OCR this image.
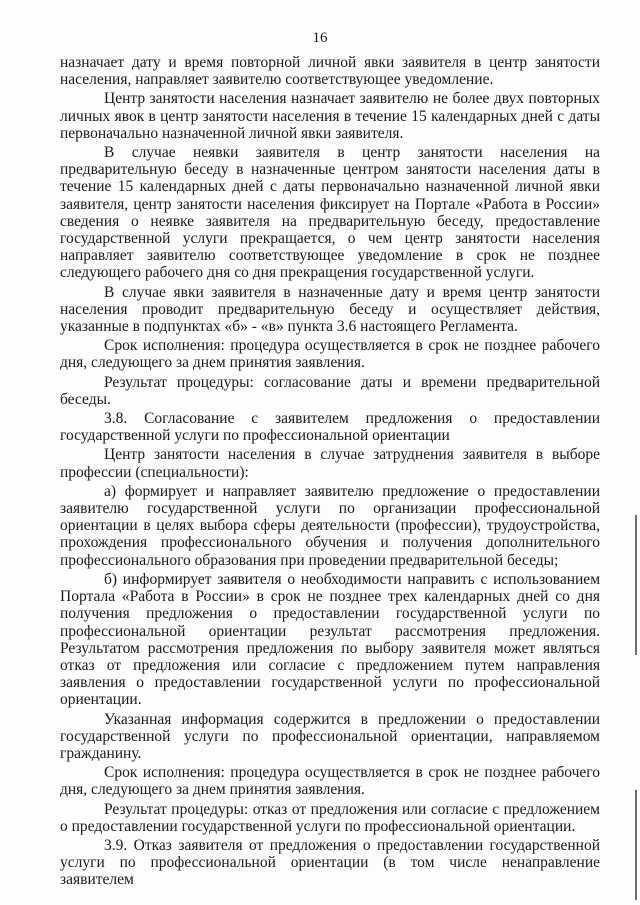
16

назначает дату и время повторной личной явки заявителя в центр занятости населения, направляет заявителю соответствующее уведомление.

Центр занятости населения назначает заявителю не более двух повторных личных явок в центр занятости населения в течение 15 календарных дней с даты первоначально назначенной личной явки заявителя.

В случае неявки заявителя в центр занятости населения на предварительную беседу в назначенные центром занятости населения даты в течение 15 календарных дней с даты первоначально назначенной личной явки заявителя, центр занятости населения фиксирует на Портале «Работа в России» сведения о неявке заявителя на предварительную беседу, предоставление государственной услуги прекращается, о чем центр занятости населения направляет заявителю соответствующее уведомление в срок не позднее следующего рабочего дня со дня прекращения государственной услуги.

В случае явки заявителя в назначенные дату и время центр занятости населения проводит предварительную беседу и осуществляет действия, указанные в подпунктах «б» - «в» пункта 3.6 настоящего Регламента.

Срок исполнения: процедура осуществляется в срок не позднее рабочего дня, следующего за днем принятия заявления.

Результат процедуры: согласование даты и времени предварительной беседы.

3.8. Согласование с заявителем предложения о предоставлении государственной услуги по профессиональной ориентации

Центр занятости населения в случае затруднения заявителя в выборе профессии (специальности):

а) формирует и направляет заявителю предложение о предоставлении заявителю государственной услуги по организации профессиональной ориентации в целях выбора сферы деятельности (профессии), трудоустройства, прохождения профессионального обучения и получения дополнительного профессионального образования при проведении предварительной беседы;

б) информирует заявителя о необходимости направить с использованием Портала «Работа в России» в срок не позднее трех календарных дней со дня получения предложения о предоставлении государственной услуги по профессиональной ориентации результат рассмотрения предложения. Результатом рассмотрения предложения по выбору заявителя может являться отказ от предложения или согласие с предложением путем направления заявления о предоставлении государственной услуги по профессиональной ориентации.

Указанная информация содержится в предложении о предоставлении государственной услуги по профессиональной ориентации, направляемом гражданину.

Срок исполнения: процедура осуществляется в срок не позднее рабочего дня, следующего за днем принятия заявления.

Результат процедуры: отказ от предложения или согласие с предложением о предоставлении государственной услуги по профессиональной ориентации.

3.9. Отказ заявителя от предложения о предоставлении государственной услуги по профессиональной ориентации (в том числе ненаправление заявителем
